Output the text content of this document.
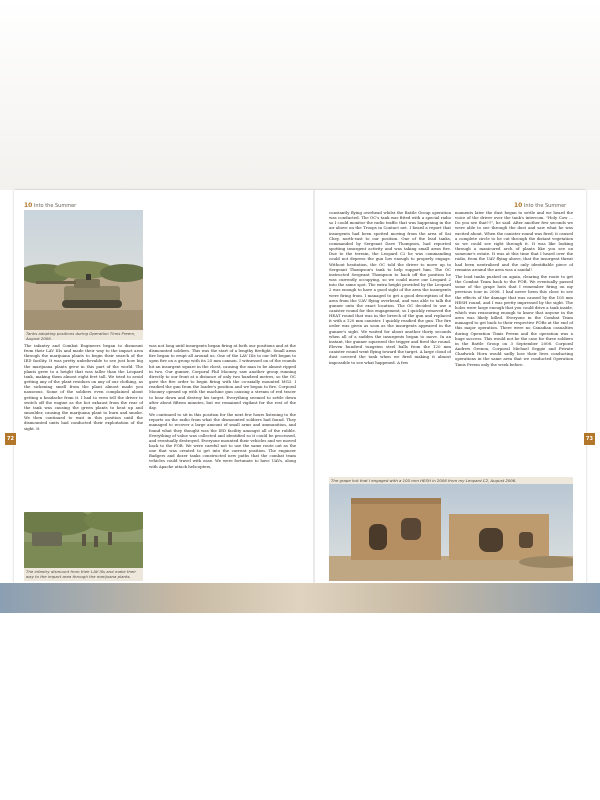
10 Into the Summer	10 Into the Summer
72	73
Tanks adopting positions during Operation Timis Preem, August 2006.

The infantry and Combat Engineers began to dismount from their LAV IIIs and made their way to the impact area through the marijuana plants to begin their search of the IED facility. It was pretty unbelievable to see just how big the marijuana plants grew in this part of the world. The plants grew to a height that was taller than the Leopard tank, making them almost eight feet tall. We tried to avoid getting any of the plant residues on any of our clothing, as the sickening smell from the plant almost made you nauseous. Some of the soldiers even complained about getting a headache from it. I had to even tell the driver to switch off the engine as the hot exhaust from the rear of the tank was causing the green plants to heat up and smoulder, causing the marijuana plant to burn and smoke. We then continued to wait in this position until the dismounted units had conducted their exploitation of the sight. It

The infantry dismount from their LAV IIIs and make their way to the impact area through the marijuana plants.

was not long until insurgents began firing at both our positions and at the dismounted soldiers. This was the start of a lengthy firefight. Small arms fire began to erupt all around us. One of the LAV IIIs to our left began to open fire on a group with its 25 mm cannon. I witnessed on of the rounds hit an insurgent square in the chest, causing the man to be almost ripped in two. Our gunner, Corporal Phil Mooney, saw another group running directly to our front at a distance of only two hundred metres, so the OC gave the fire order to begin firing with the co-axially mounted MG3. I readied the gun from the loader's position and we began to fire. Corporal Mooney opened up with the machine gun causing a stream of red tracer to bear down and destroy his target. Everything seemed to settle down after about fifteen minutes, but we remained vigilant for the rest of the day.

We continued to sit in this position for the next few hours listening to the reports on the radio from what the dismounted soldiers had found. They managed to recover a large amount of small arms and ammunition, and found what they thought was the IED facility amongst all of the rubble. Everything of value was collected and identified so it could be processed, and eventually destroyed. Everyone mounted their vehicles and we moved back to the FOB. We were careful not to use the same route out as the one that was created to get into the current position. The engineer Badgers and dozer tanks constructed new paths that the combat team vehicles could travel with ease. We were fortunate to have UAVs, along with Apache attack helicopters,

constantly flying overhead whilst the Battle Group operation was conducted. The OC's tank was fitted with a special radio so I could monitor the radio traffic that was happening in the air above on the Troops in Contact net. I heard a report that insurgents had been spotted moving from the area of Sai Chey, north-east to our position. One of the lead tanks, commanded by Sergeant Dave Thompson, had reported spotting insurgent activity and was taking small arms fire. Due to the terrain, the Leopard C2 he was commanding could not depress the gun low enough to properly engage. Without hesitation, the OC told the driver to move up to Sergeant Thompson's tank to help support him. The OC instructed Sergeant Thompson to back off the position he was currently occupying, so we could move our Leopard 2 into the same spot. The extra height provided by the Leopard 2 was enough to have a good sight of the area the insurgents were firing from. I managed to get a good description of the area from the UAV flying overhead, and was able to talk the gunner onto the exact location. The OC decided to use a canister round for this engagement, so I quickly removed the HEAT round that was in the breech of the gun and replaced it with a 120 mm canister. I quickly readied the gun. The fire order was given as soon as the insurgents appeared in the gunner's sight. We waited for about another thirty seconds when all of a sudden the insurgents began to move. In an instant, the gunner squeezed the trigger and fired the round. Eleven hundred tungsten steel balls from the 120 mm canister round went flying toward the target. A large cloud of dust covered the tank when we fired making it almost impossible to see what happened. A few

moments later the dust began to settle and we heard the voice of the driver over the tank's intercom. "Holy Cow … Do you see that!!!", he said. After another few seconds we were able to see through the dust and saw what he was excited about. When the canister round was fired, it caused a complete circle to be cut through the distant vegetation so we could see right through it. It was like looking through a manicured arch of plants like you see on someone's estate. It was at this time that I heard over the radio, from the UAV flying above, that the insurgent threat had been neutralised and the only identifiable piece of remains around the area was a sandal!

The lead tanks pushed on again, clearing the route to get the Combat Team back to the FOB. We eventually passed some of the grape huts that I remember firing on my previous tour in 2006. I had never been this close to see the effects of the damage that was caused by the 105 mm HESH round, and I was pretty impressed by the sight. The holes were large enough that you could drive a tank inside, which was reassuring enough to know that anyone in the area was likely killed. Everyone in the Combat Team managed to get back to their respective FOBs at the end of this major operation. There were no Canadian casualties during Operation Timis Preem and the operation was a huge success. This would not be the case for three soldiers in the Battle Group on 3 September 2008. Corporal Andrew Grenon, Corporal Michael Seggie and Private Chadwick Horn would sadly lose their lives conducting operations in the same area that we conducted Operation Timis Preem only the week before.

The grape hut that I engaged with a 105 mm HESH in 2006 from my Leopard C2, August 2006.
